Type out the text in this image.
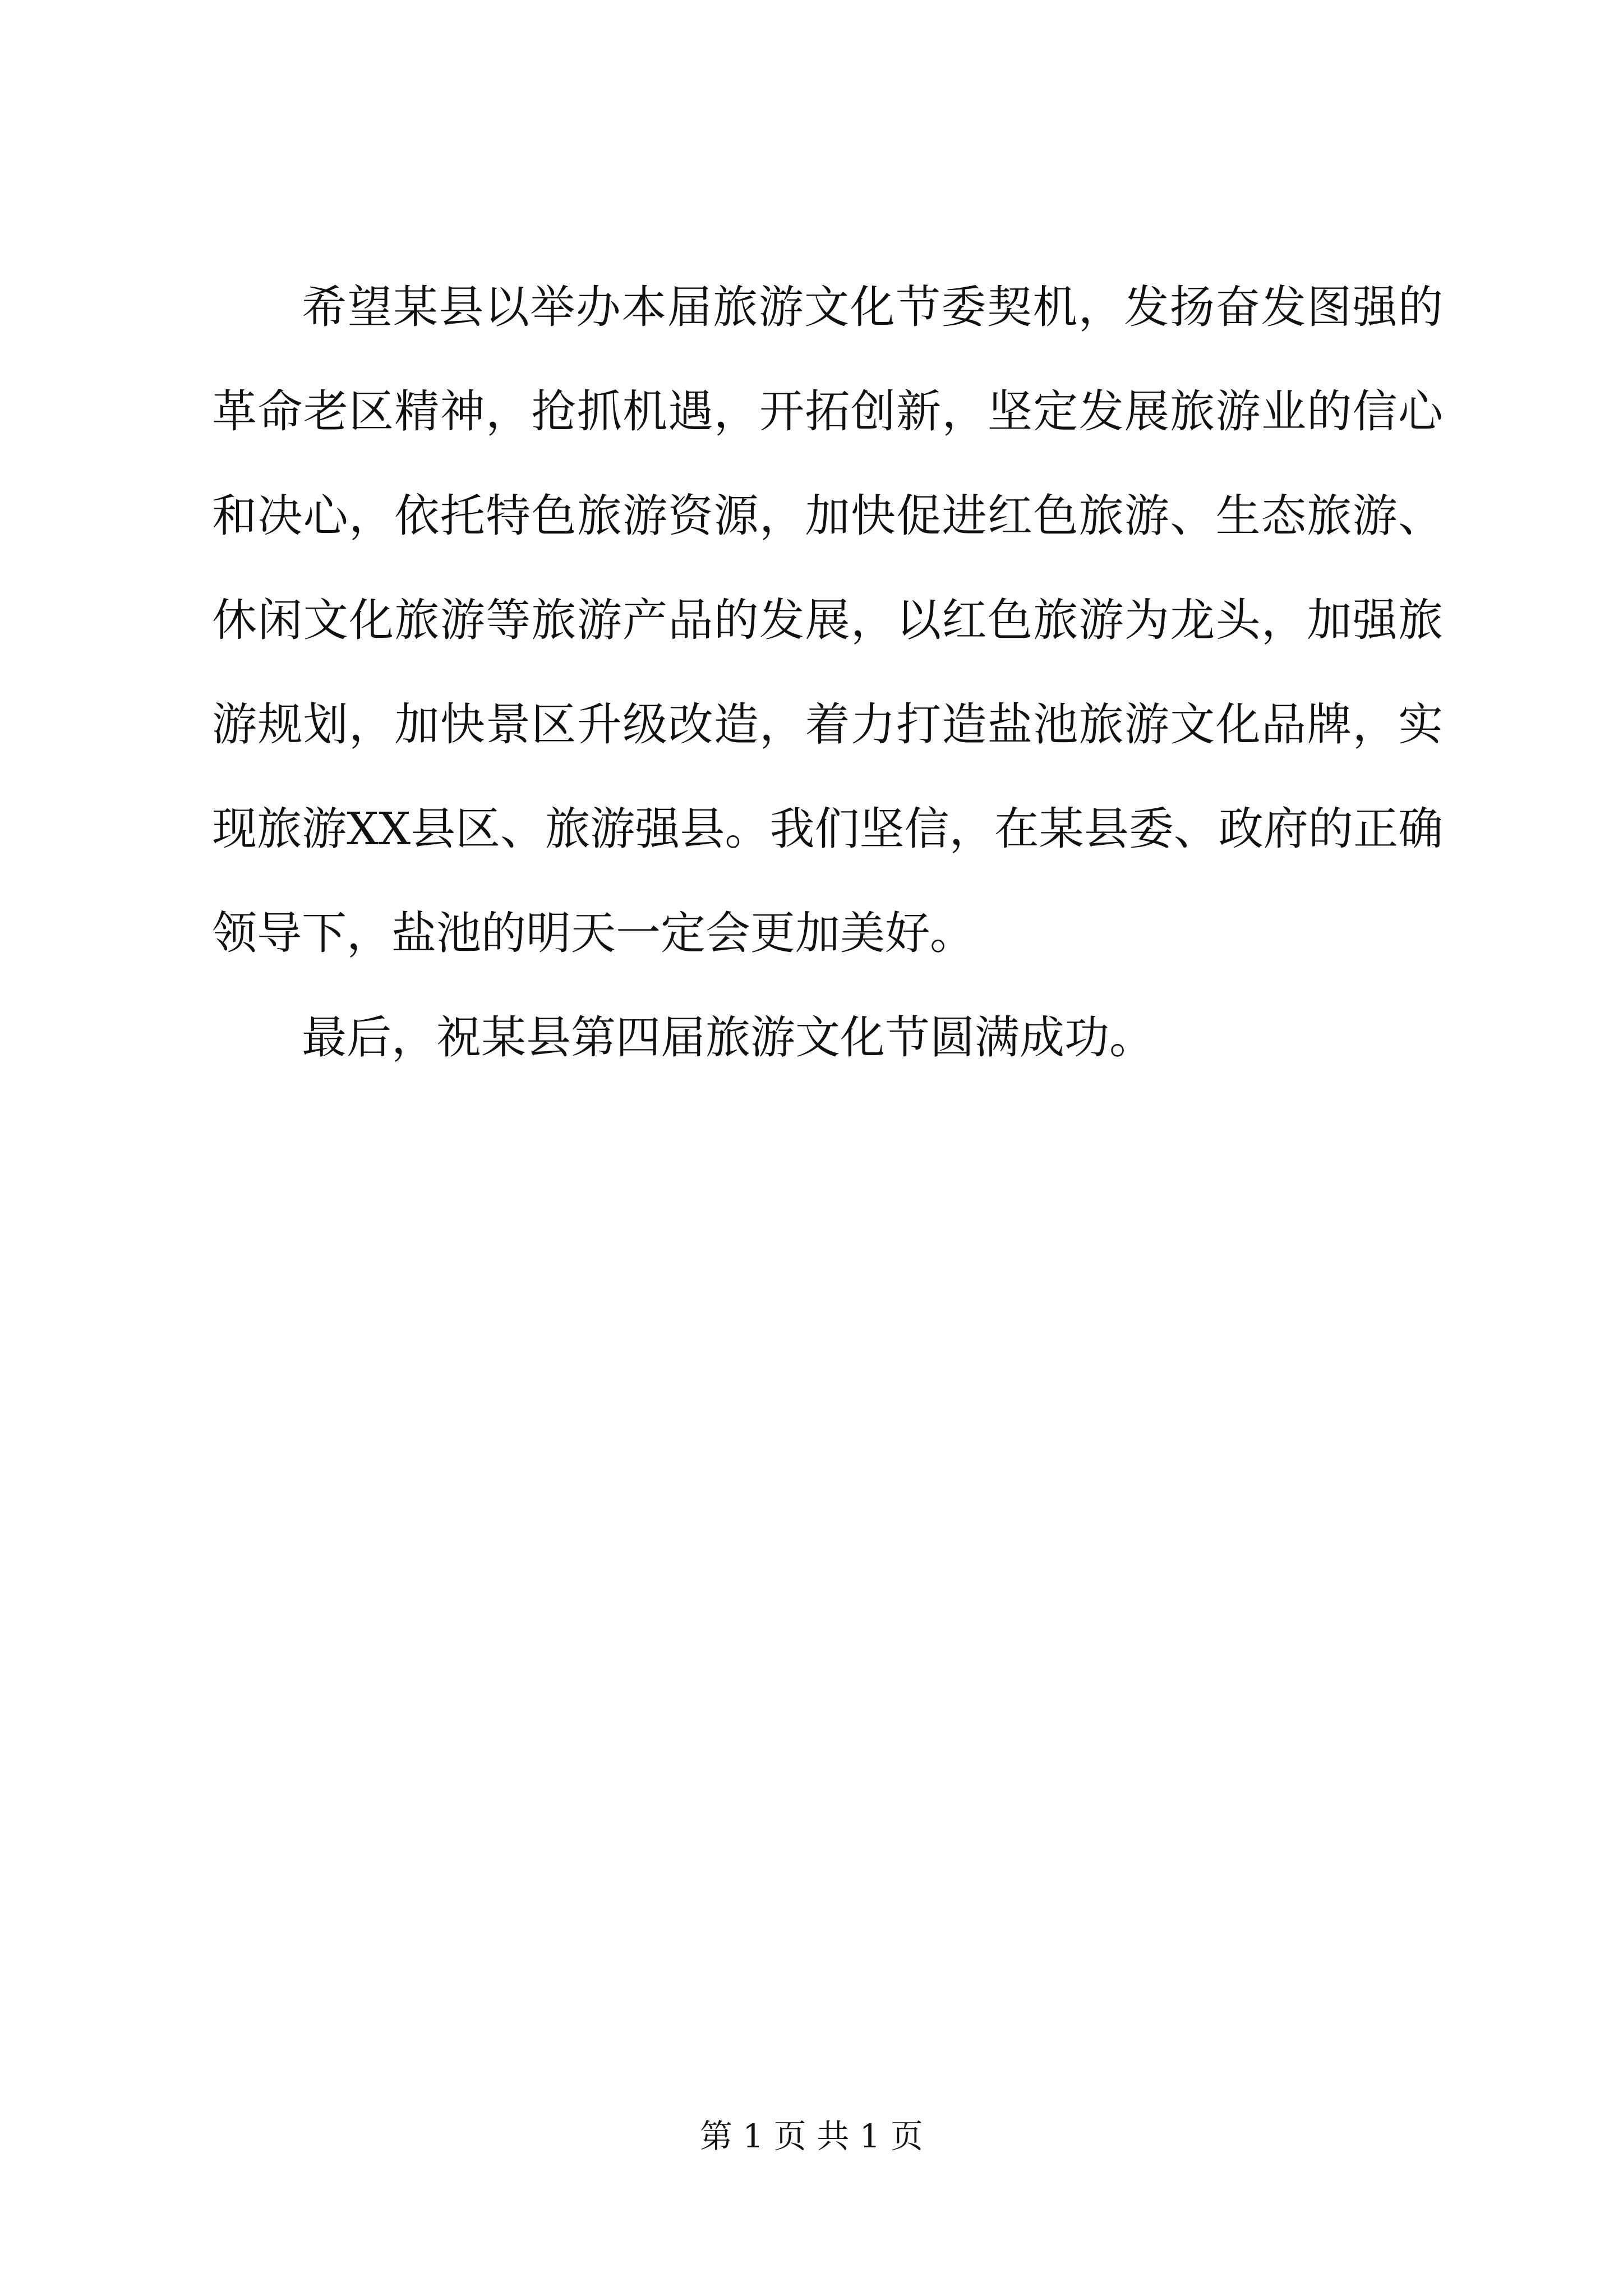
希望某县以举办本届旅游文化节委契机，发扬奋发图强的革命老区精神，抢抓机遇，开拓创新，坚定发展旅游业的信心和决心，依托特色旅游资源，加快促进红色旅游、生态旅游、休闲文化旅游等旅游产品的发展，以红色旅游为龙头，加强旅游规划，加快景区升级改造，着力打造盐池旅游文化品牌，实现旅游XX县区、旅游强县。我们坚信，在某县委、政府的正确领导下，盐池的明天一定会更加美好。

最后，祝某县第四届旅游文化节圆满成功。

第 1 页 共 1 页
